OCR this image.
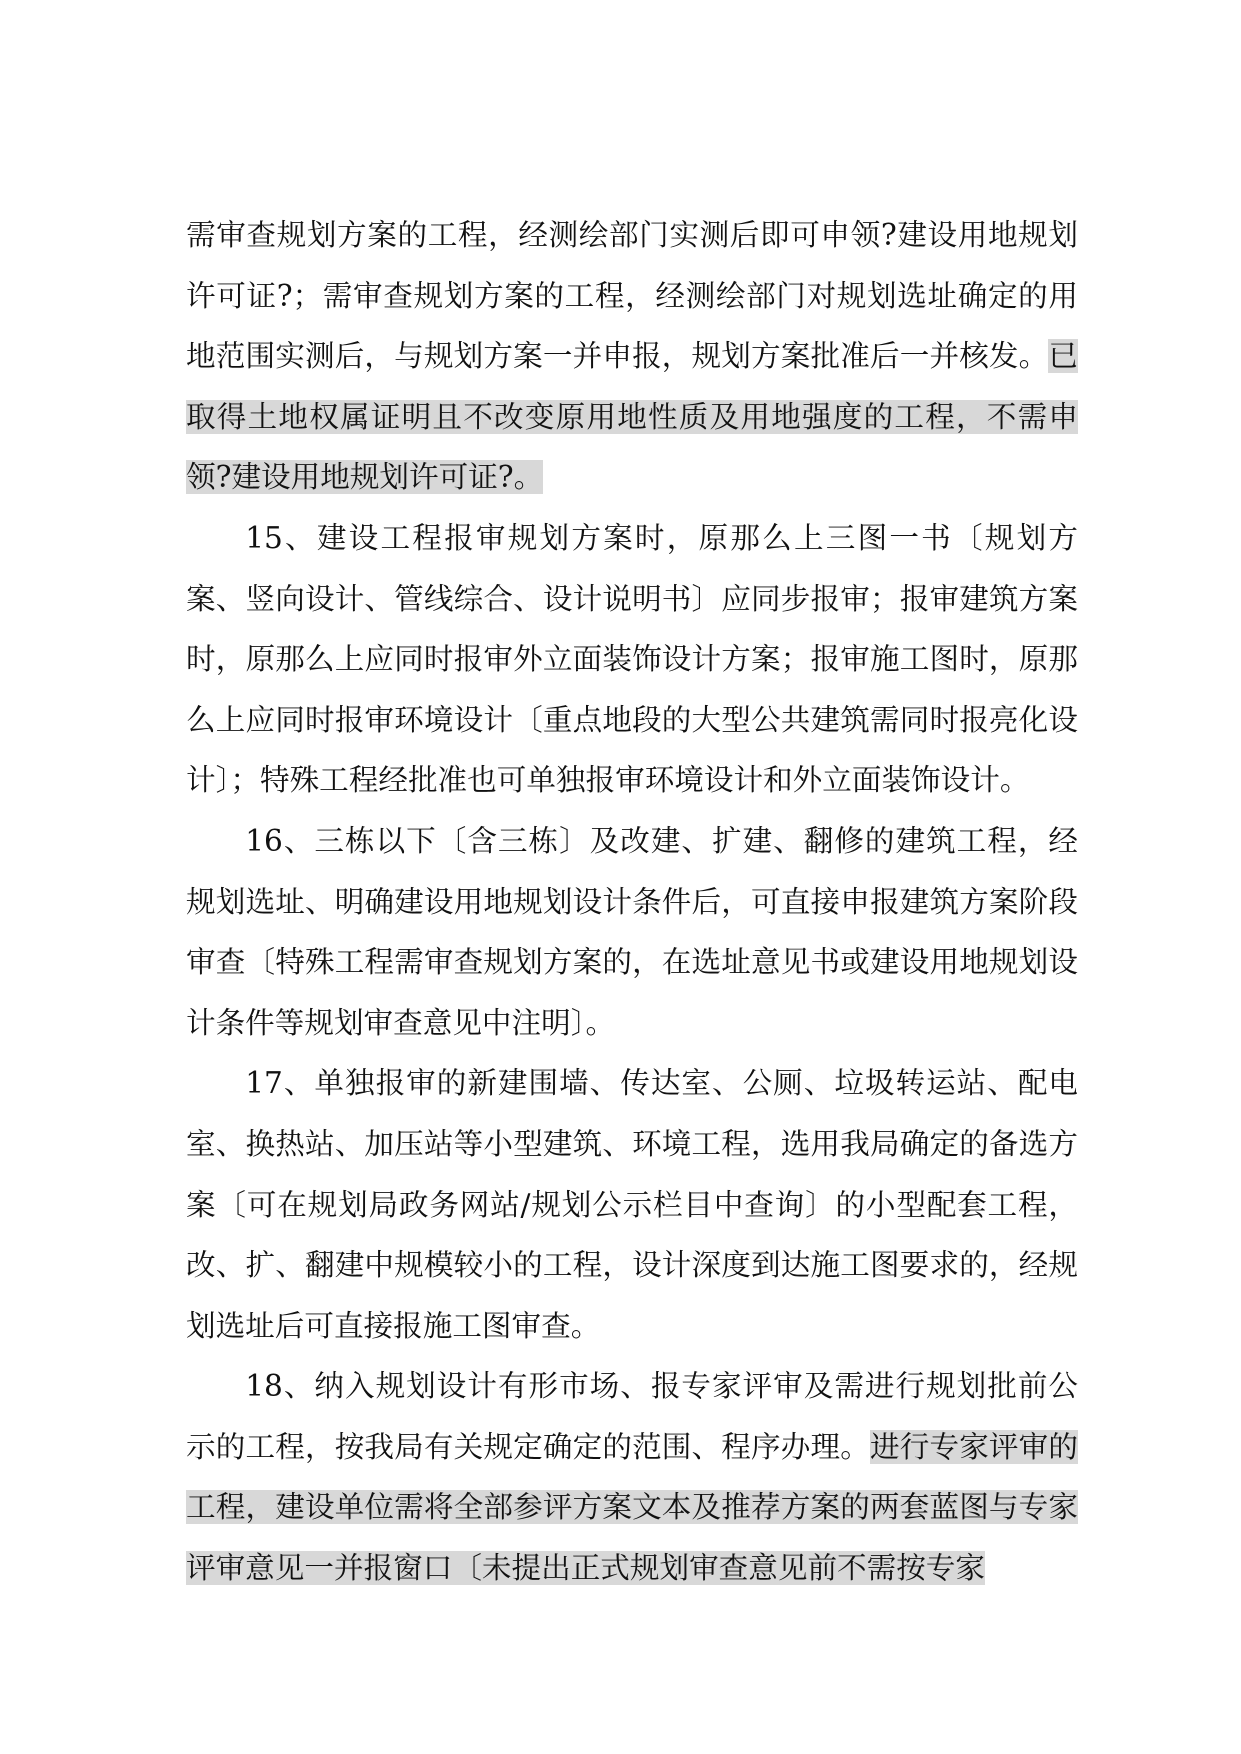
需审查规划方案的工程，经测绘部门实测后即可申领?建设用地规划许可证?；需审查规划方案的工程，经测绘部门对规划选址确定的用地范围实测后，与规划方案一并申报，规划方案批准后一并核发。已取得土地权属证明且不改变原用地性质及用地强度的工程，不需申领?建设用地规划许可证?。

15、建设工程报审规划方案时，原那么上三图一书〔规划方案、竖向设计、管线综合、设计说明书〕应同步报审；报审建筑方案时，原那么上应同时报审外立面装饰设计方案；报审施工图时，原那么上应同时报审环境设计〔重点地段的大型公共建筑需同时报亮化设计〕；特殊工程经批准也可单独报审环境设计和外立面装饰设计。

16、三栋以下〔含三栋〕及改建、扩建、翻修的建筑工程，经规划选址、明确建设用地规划设计条件后，可直接申报建筑方案阶段审查〔特殊工程需审查规划方案的，在选址意见书或建设用地规划设计条件等规划审查意见中注明〕。

17、单独报审的新建围墙、传达室、公厕、垃圾转运站、配电室、换热站、加压站等小型建筑、环境工程，选用我局确定的备选方案〔可在规划局政务网站/规划公示栏目中查询〕的小型配套工程，改、扩、翻建中规模较小的工程，设计深度到达施工图要求的，经规划选址后可直接报施工图审查。

18、纳入规划设计有形市场、报专家评审及需进行规划批前公示的工程，按我局有关规定确定的范围、程序办理。进行专家评审的工程，建设单位需将全部参评方案文本及推荐方案的两套蓝图与专家评审意见一并报窗口〔未提出正式规划审查意见前不需按专家
